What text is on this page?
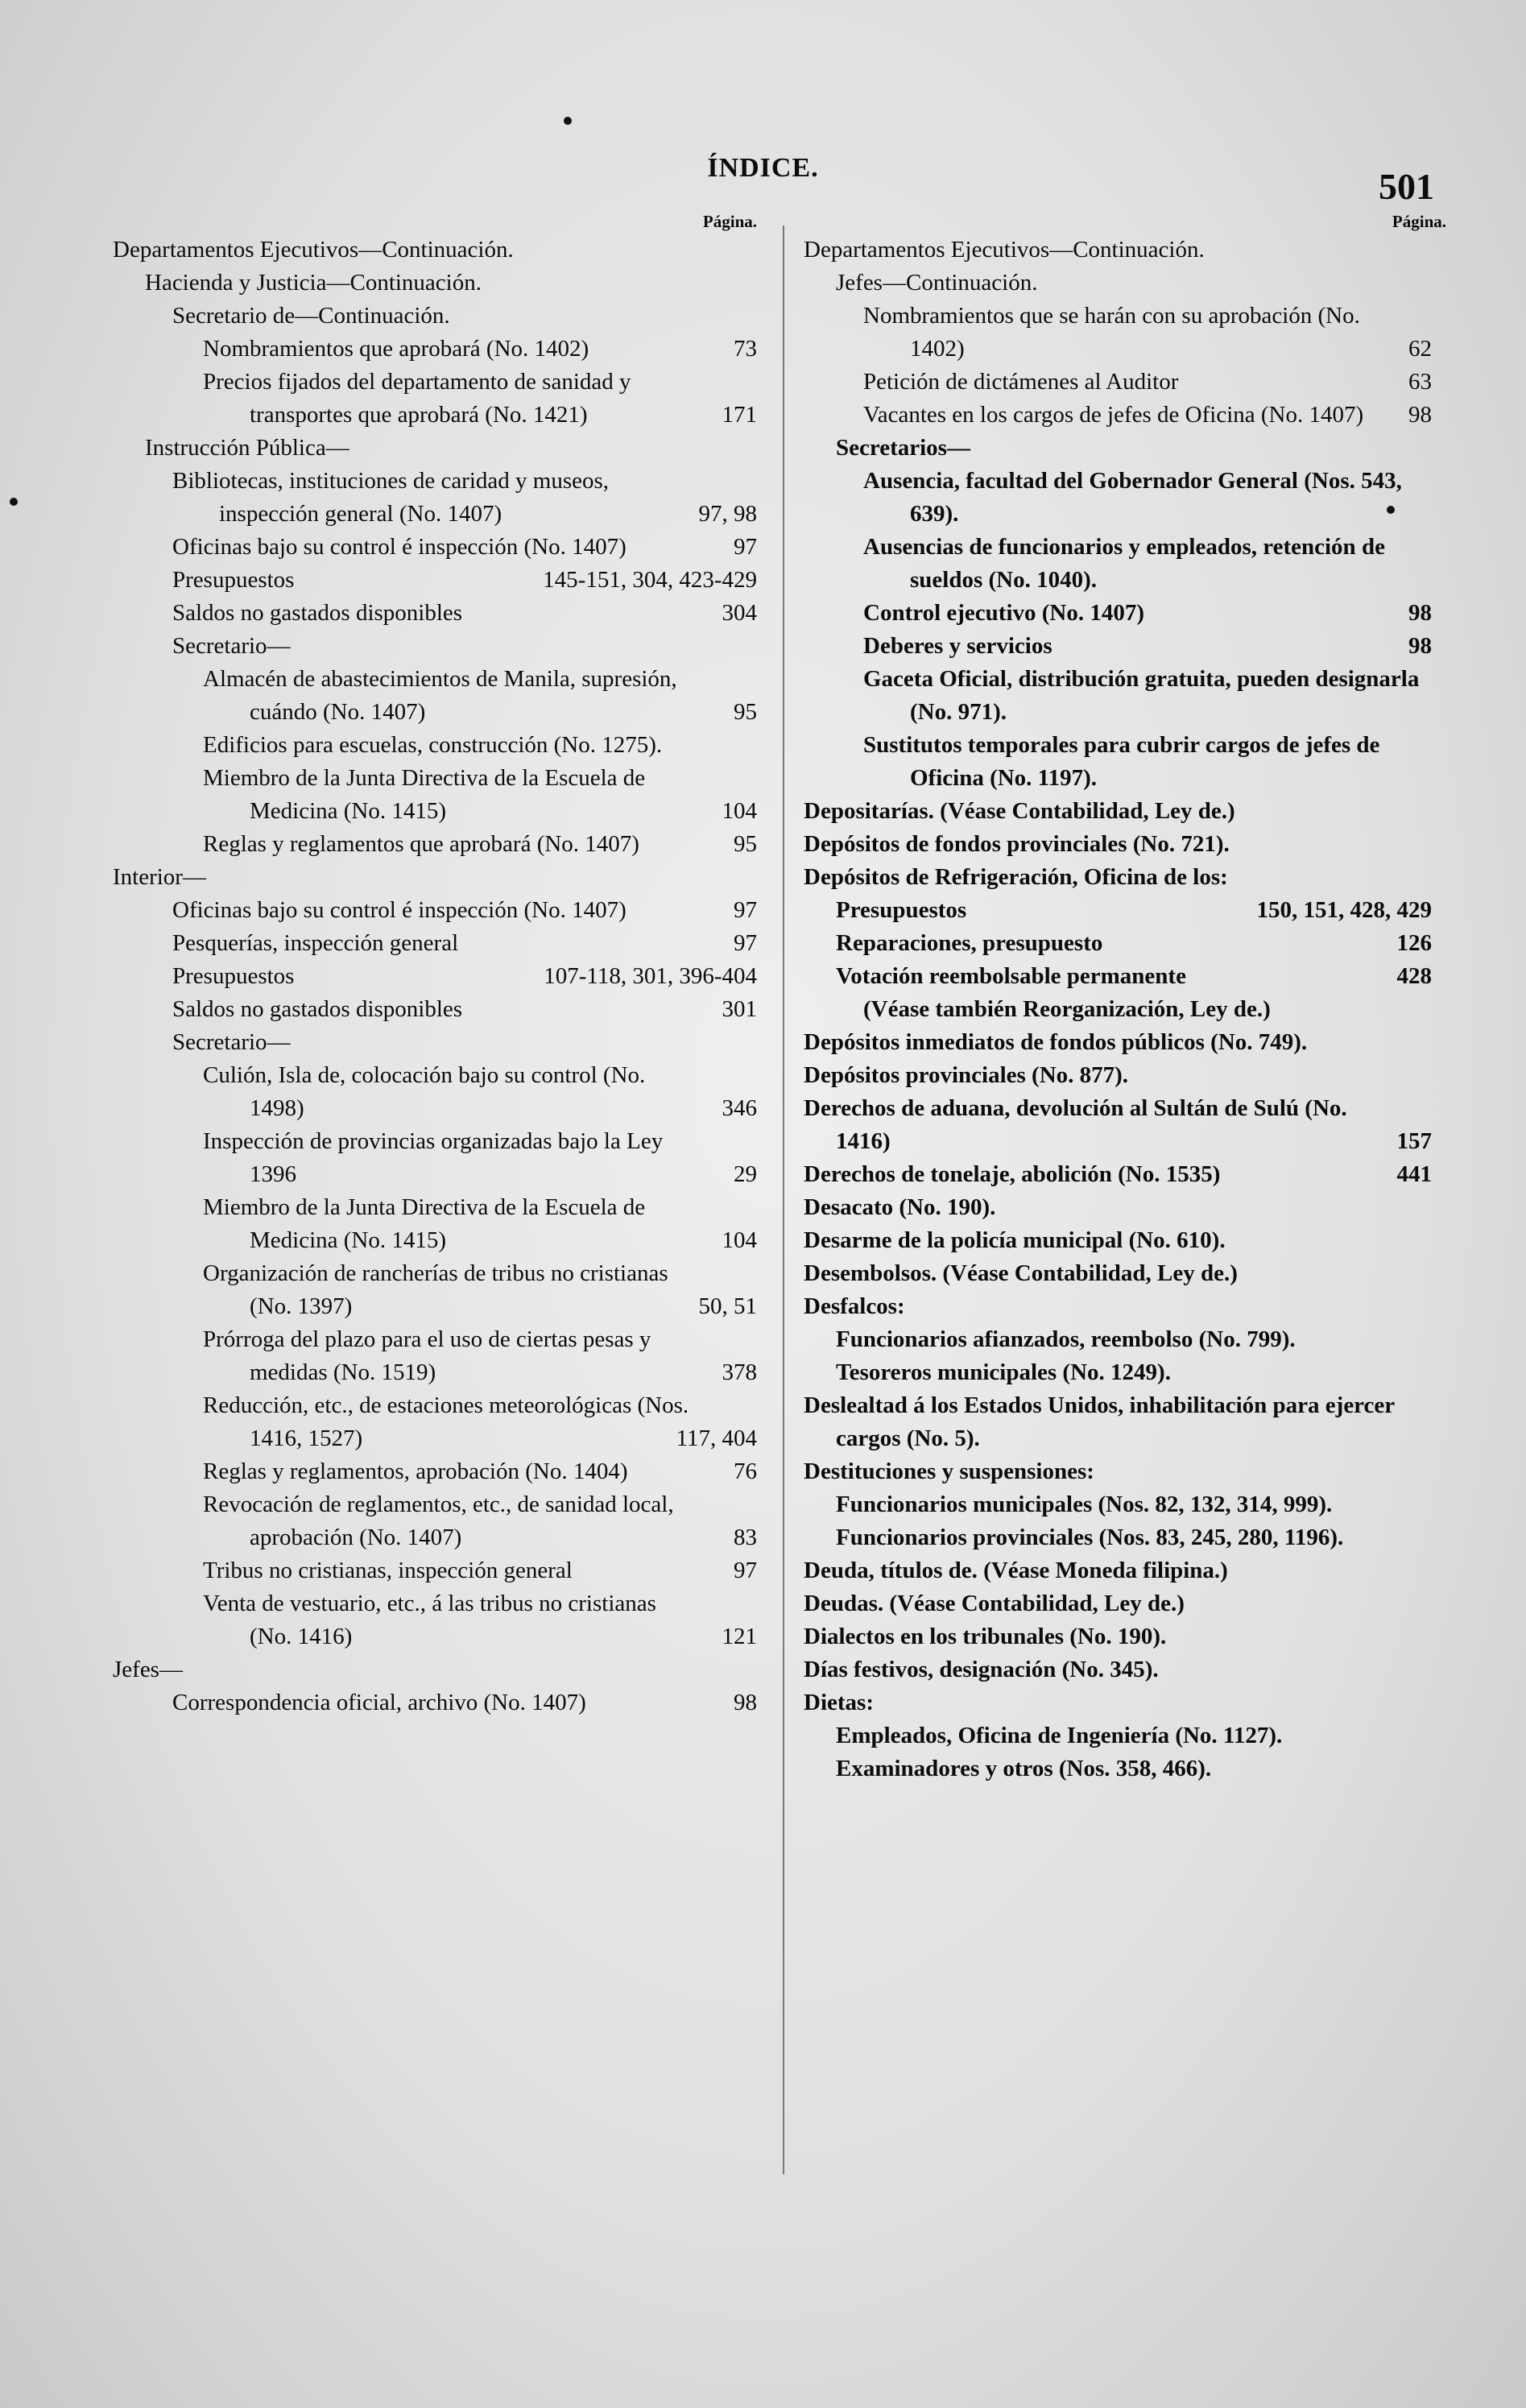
ÍNDICE.	501
Página.
Departamentos Ejecutivos—Continuación.
Hacienda y Justicia—Continuación.
Secretario de—Continuación.
Nombramientos que aprobará (No. 1402)	73
Precios fijados del departamento de sanidad y transportes que aprobará (No. 1421)	171
Instrucción Pública—
Bibliotecas, instituciones de caridad y museos, inspección general (No. 1407)	97, 98
Oficinas bajo su control é inspección (No. 1407)	97
Presupuestos	145-151, 304, 423-429
Saldos no gastados disponibles	304
Secretario—
Almacén de abastecimientos de Manila, supresión, cuándo (No. 1407)	95
Edificios para escuelas, construcción (No. 1275).
Miembro de la Junta Directiva de la Escuela de Medicina (No. 1415)	104
Reglas y reglamentos que aprobará (No. 1407)	95
Interior—
Oficinas bajo su control é inspección (No. 1407)	97
Pesquerías, inspección general	97
Presupuestos	107-118, 301, 396-404
Saldos no gastados disponibles	301
Secretario—
Culión, Isla de, colocación bajo su control (No. 1498)	346
Inspección de provincias organizadas bajo la Ley 1396	29
Miembro de la Junta Directiva de la Escuela de Medicina (No. 1415)	104
Organización de rancherías de tribus no cristianas (No. 1397)	50, 51
Prórroga del plazo para el uso de ciertas pesas y medidas (No. 1519)	378
Reducción, etc., de estaciones meteorológicas (Nos. 1416, 1527)	117, 404
Reglas y reglamentos, aprobación (No. 1404)	76
Revocación de reglamentos, etc., de sanidad local, aprobación (No. 1407)	83
Tribus no cristianas, inspección general	97
Venta de vestuario, etc., á las tribus no cristianas (No. 1416)	121
Jefes—
Correspondencia oficial, archivo (No. 1407)	98
Página.
Departamentos Ejecutivos—Continuación.
Jefes—Continuación.
Nombramientos que se harán con su aprobación (No. 1402)	62
Petición de dictámenes al Auditor	63
Vacantes en los cargos de jefes de Oficina (No. 1407)	98
Secretarios—
Ausencia, facultad del Gobernador General (Nos. 543, 639).
Ausencias de funcionarios y empleados, retención de sueldos (No. 1040).
Control ejecutivo (No. 1407)	98
Deberes y servicios	98
Gaceta Oficial, distribución gratuita, pueden designarla (No. 971).
Sustitutos temporales para cubrir cargos de jefes de Oficina (No. 1197).
Depositarías. (Véase Contabilidad, Ley de.)
Depósitos de fondos provinciales (No. 721).
Depósitos de Refrigeración, Oficina de los:
Presupuestos	150, 151, 428, 429
Reparaciones, presupuesto	126
Votación reembolsable permanente	428
(Véase también Reorganización, Ley de.)
Depósitos inmediatos de fondos públicos (No. 749).
Depósitos provinciales (No. 877).
Derechos de aduana, devolución al Sultán de Sulú (No. 1416)	157
Derechos de tonelaje, abolición (No. 1535)	441
Desacato (No. 190).
Desarme de la policía municipal (No. 610).
Desembolsos. (Véase Contabilidad, Ley de.)
Desfalcos:
Funcionarios afianzados, reembolso (No. 799).
Tesoreros municipales (No. 1249).
Deslealtad á los Estados Unidos, inhabilitación para ejercer cargos (No. 5).
Destituciones y suspensiones:
Funcionarios municipales (Nos. 82, 132, 314, 999).
Funcionarios provinciales (Nos. 83, 245, 280, 1196).
Deuda, títulos de. (Véase Moneda filipina.)
Deudas. (Véase Contabilidad, Ley de.)
Dialectos en los tribunales (No. 190).
Días festivos, designación (No. 345).
Dietas:
Empleados, Oficina de Ingeniería (No. 1127).
Examinadores y otros (Nos. 358, 466).
